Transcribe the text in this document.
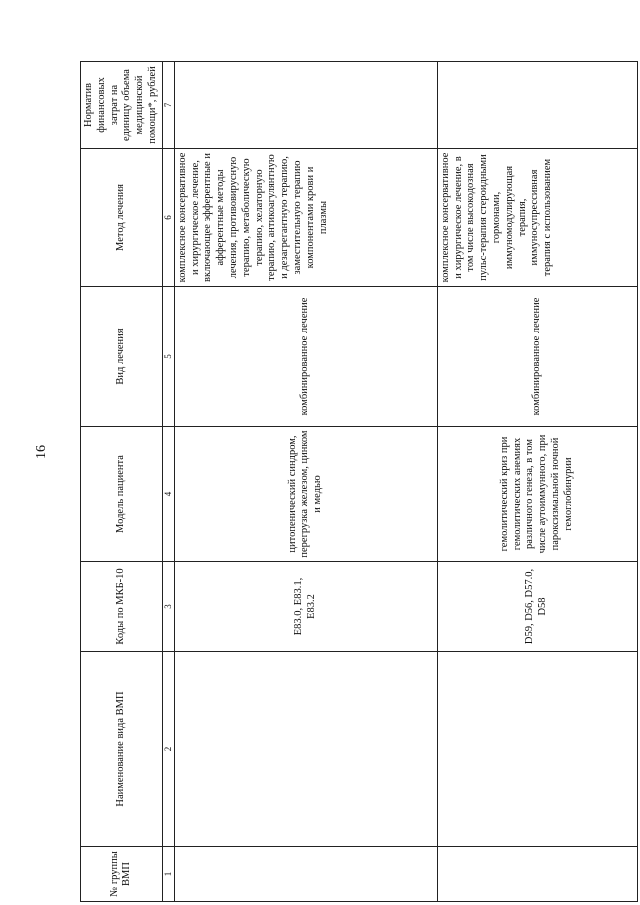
16
№ группы ВМП	Наименование вида ВМП	Коды по МКБ-10	Модель пациента	Вид лечения	Метод лечения	Норматив финансовых затрат на единицу объема медицинской помощи*, рублей
1	2	3	4	5	6	7
		E83.0, E83.1, E83.2	цитопенический синдром, перегрузка железом, цинком и медью	комбинированное лечение	комплексное консервативное и хирургическое лечение, включающее эфферентные и афферентные методы лечения, противовирусную терапию, метаболическую терапию, хелаторную терапию, антикоагулянтную и дезагрегантную терапию, заместительную терапию компонентами крови и плазмы	
		D59, D56, D57.0, D58	гемолитический криз при гемолитических анемиях различного генеза, в том числе аутоиммунного, при пароксизмальной ночной гемоглобинурии	комбинированное лечение	комплексное консервативное и хирургическое лечение, в том числе высокодозная пульс-терапия стероидными гормонами, иммуномодулирующая терапия, иммуносупрессивная терапия с использованием	
